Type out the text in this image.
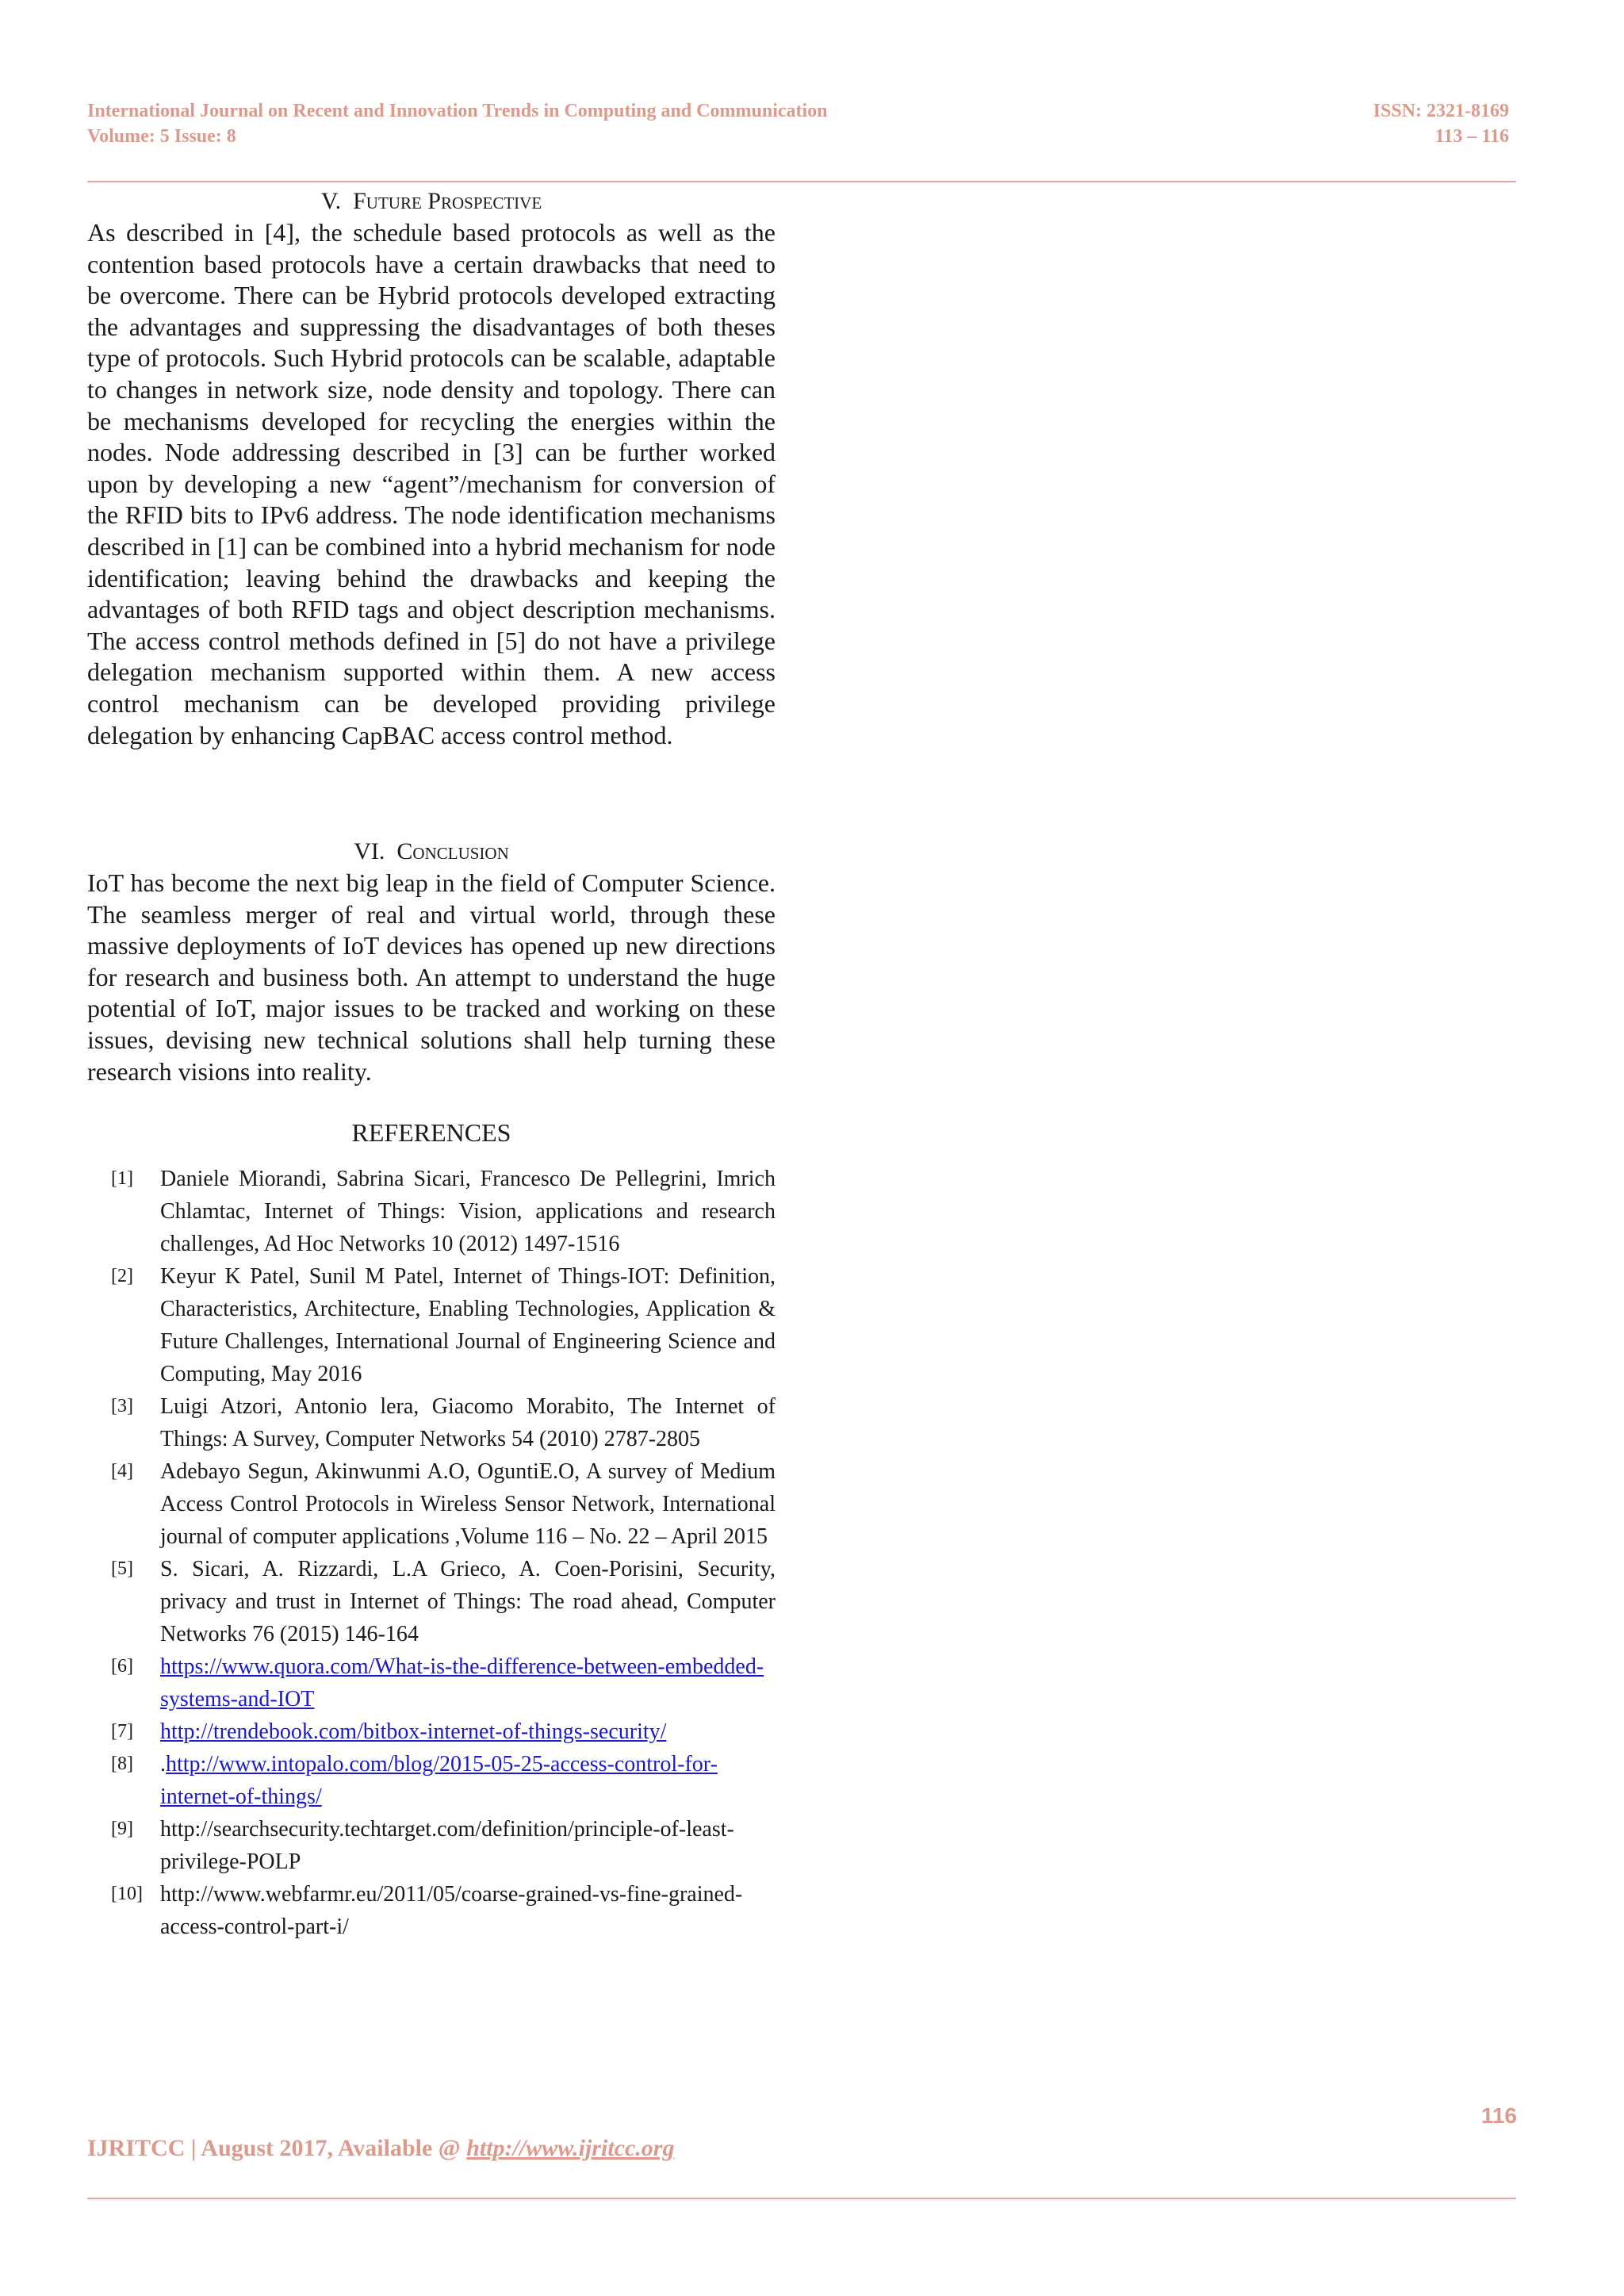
International Journal on Recent and Innovation Trends in Computing and Communication
Volume: 5 Issue: 8
ISSN: 2321-8169
113 – 116
V. Future Prospective

As described in [4], the schedule based protocols as well as the contention based protocols have a certain drawbacks that need to be overcome. There can be Hybrid protocols developed extracting the advantages and suppressing the disadvantages of both theses type of protocols. Such Hybrid protocols can be scalable, adaptable to changes in network size, node density and topology. There can be mechanisms developed for recycling the energies within the nodes. Node addressing described in [3] can be further worked upon by developing a new “agent”/mechanism for conversion of the RFID bits to IPv6 address. The node identification mechanisms described in [1] can be combined into a hybrid mechanism for node identification; leaving behind the drawbacks and keeping the advantages of both RFID tags and object description mechanisms. The access control methods defined in [5] do not have a privilege delegation mechanism supported within them. A new access control mechanism can be developed providing privilege delegation by enhancing CapBAC access control method.

VI. Conclusion

IoT has become the next big leap in the field of Computer Science. The seamless merger of real and virtual world, through these massive deployments of IoT devices has opened up new directions for research and business both. An attempt to understand the huge potential of IoT, major issues to be tracked and working on these issues, devising new technical solutions shall help turning these research visions into reality.

REFERENCES
[1]	Daniele Miorandi, Sabrina Sicari, Francesco De Pellegrini, Imrich Chlamtac, Internet of Things: Vision, applications and research challenges, Ad Hoc Networks 10 (2012) 1497-1516
[2]	Keyur K Patel, Sunil M Patel, Internet of Things-IOT: Definition, Characteristics, Architecture, Enabling Technologies, Application & Future Challenges, International Journal of Engineering Science and Computing, May 2016
[3]	Luigi Atzori, Antonio lera, Giacomo Morabito, The Internet of Things: A Survey, Computer Networks 54 (2010) 2787-2805
[4]	Adebayo Segun, Akinwunmi A.O, OguntiE.O, A survey of Medium Access Control Protocols in Wireless Sensor Network, International journal of computer applications ,Volume 116 – No. 22 – April 2015
[5]	S. Sicari, A. Rizzardi, L.A Grieco, A. Coen-Porisini, Security, privacy and trust in Internet of Things: The road ahead, Computer Networks 76 (2015) 146-164
[6]	https://www.quora.com/What-is-the-difference-between-embedded-systems-and-IOT
[7]	http://trendebook.com/bitbox-internet-of-things-security/
[8]	.http://www.intopalo.com/blog/2015-05-25-access-control-for-internet-of-things/
[9]	http://searchsecurity.techtarget.com/definition/principle-of-least-privilege-POLP
[10] http://www.webfarmr.eu/2011/05/coarse-grained-vs-fine-grained-access-control-part-i/
116
IJRITCC | August 2017, Available @ http://www.ijritcc.org
